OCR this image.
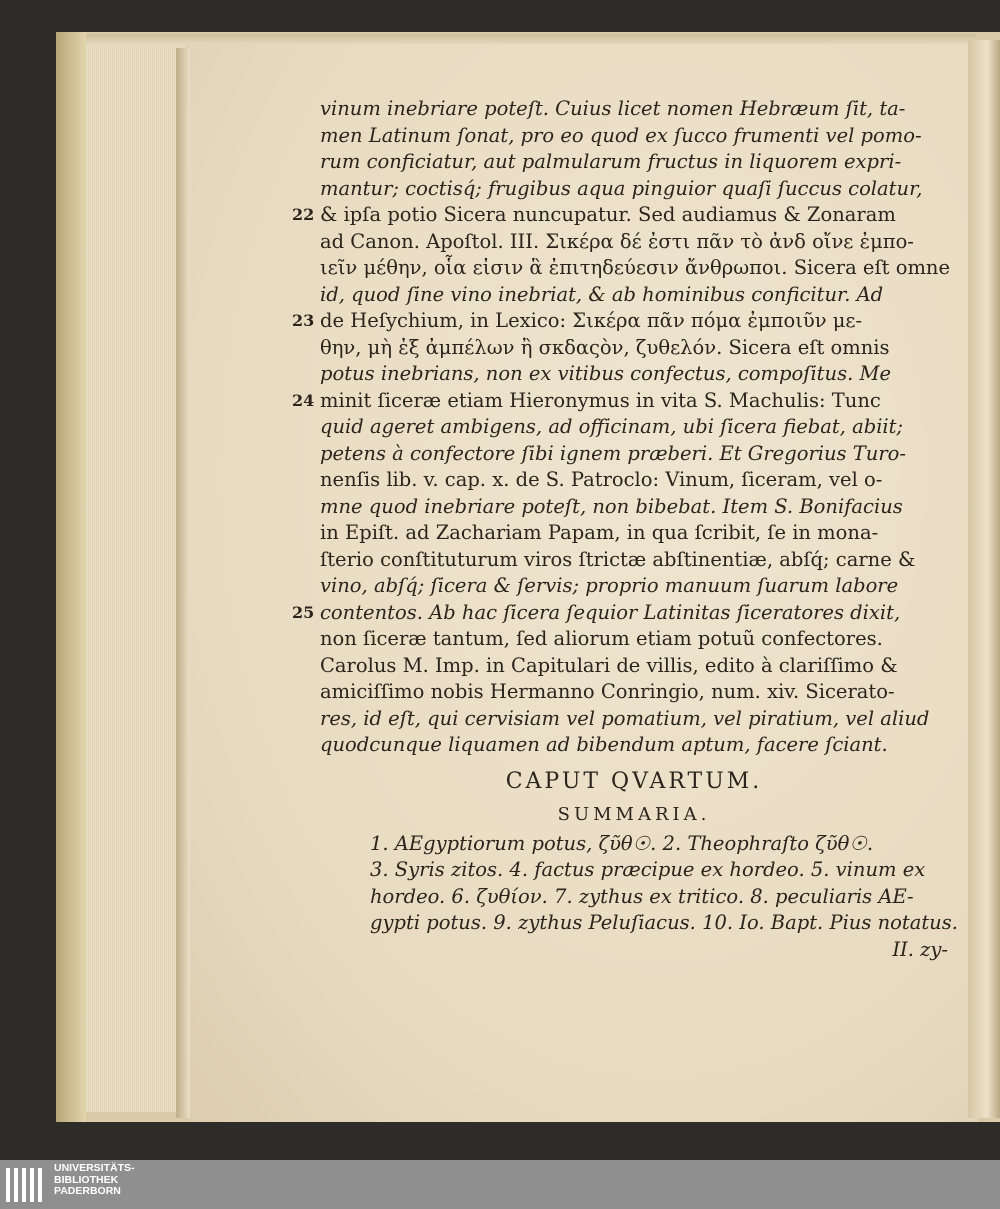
vinum inebriare poteſt. Cuius licet nomen Hebræum ſit, ta-
men Latinum ſonat, pro eo quod ex ſucco frumenti vel pomo-
rum conficiatur, aut palmularum fructus in liquorem expri-
mantur; coctisq́; frugibus aqua pinguior quaſi ſuccus colatur,
22 & ipſa potio Sicera nuncupatur. Sed audiamus & Zonaram
ad Canon. Apoſtol. III. Σικέρα δέ ἐστι πᾶν τὸ ἀνδ οἴνε ἐμπο-
ιεῖν μέθην, οἷα εἰσιν ἃ ἐπιτηδεύεσιν ἄνθρωποι. Sicera eſt omne
id, quod ſine vino inebriat, & ab hominibus conficitur. Ad
23 de Heſychium, in Lexico: Σικέρα πᾶν πόμα ἐμποιῦν με-
θην, μὴ ἐξ ἀμπέλων ἢ σκδαςὸν, ζυθελόν. Sicera eſt omnis
potus inebrians, non ex vitibus confectus, compoſitus. Me
24 minit ſiceræ etiam Hieronymus in vita S. Machulis: Tunc
quid ageret ambigens, ad officinam, ubi ſicera fiebat, abiit;
petens à confectore ſibi ignem præberi. Et Gregorius Turo-
nenſis lib. v. cap. x. de S. Patroclo: Vinum, ſiceram, vel o-
mne quod inebriare poteſt, non bibebat. Item S. Bonifacius
in Epiſt. ad Zachariam Papam, in qua ſcribit, ſe in mona-
ſterio conſtituturum viros ſtrictæ abſtinentiæ, abſq́; carne &
vino, abſq́; ſicera & ſervis; proprio manuum ſuarum labore
25 contentos. Ab hac ſicera ſequior Latinitas ſiceratores dixit,
non ſiceræ tantum, ſed aliorum etiam potuũ confectores.
Carolus M. Imp. in Capitulari de villis, edito à clariſſimo &
amiciſſimo nobis Hermanno Conringio, num. xiv. Sicerato-
res, id eſt, qui cervisiam vel pomatium, vel piratium, vel aliud
quodcunque liquamen ad bibendum aptum, facere ſciant.
CAPUT QVARTUM.
SUMMARIA.
1. AEgyptiorum potus, ζῦθ☉. 2. Theophraſto ζῦθ☉.
3. Syris zitos. 4. factus præcipue ex hordeo. 5. vinum ex
hordeo. 6. ζυθίον. 7. zythus ex tritico. 8. peculiaris AE-
gypti potus. 9. zythus Peluſiacus. 10. Io. Bapt. Pius notatus.
II. zy-
UNIVERSITÄTS-
BIBLIOTHEK
PADERBORN
